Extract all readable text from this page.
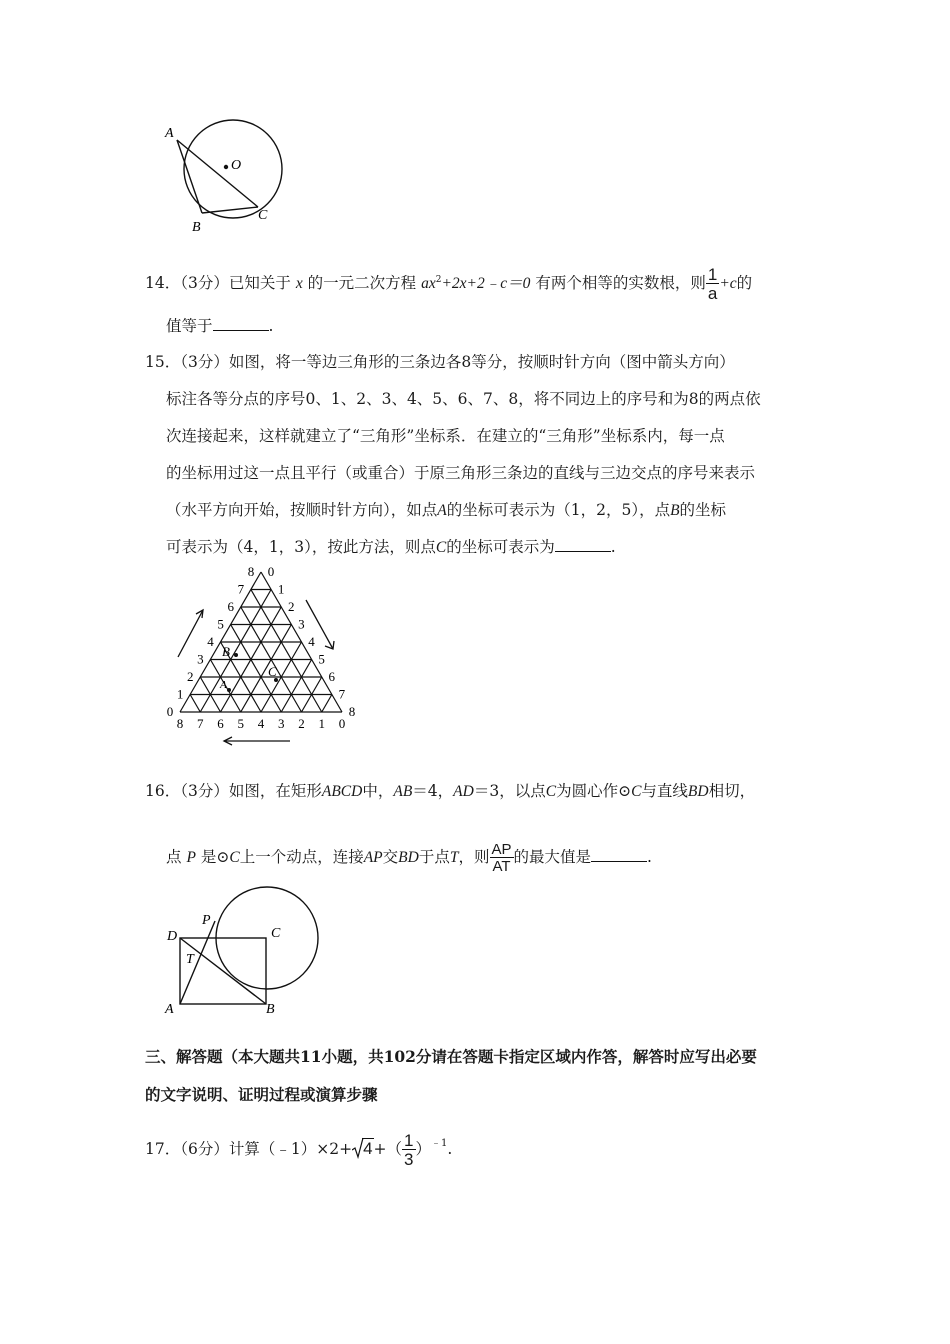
A
O
B
C
14．（3分）已知关于 x 的一元二次方程 $ax^2+2x+2﹣c=0$ 有两个相等的实数根，则 $\frac{1}{a} +c$的
值等于	.
15．（3分）如图，将一等边三角形的三条边各8等分，按顺时针方向（图中箭头方向）
标注各等分点的序号0、1、2、3、4、5、6、7、8，将不同边上的序号和为8的两点依
次连接起来，这样就建立了“三角形”坐标系．在建立的“三角形”坐标系内，每一点
的坐标用过这一点且平行（或重合）于原三角形三条边的直线与三边交点的序号来表示
（水平方向开始，按顺时针方向），如点A的坐标可表示为（1，2，5），点B的坐标
可表示为（4，1，3），按此方法，则点C的坐标可表示为	.
0
1
2
3
4
5
6
7
8 0
1
2
3
4
5
6
7
8
8 7 6 5 4 3 2 1 0
B
C
A
16．（3分）如图，在矩形ABCD中，AB＝4，AD＝3，以点C为圆心作⊙C与直线BD相切，
点 P 是⊙C上一个动点，连接AP交BD于点T，则 $\frac{AP}{AT}$ 的最大值是	.
D
P
C
T
A	B
三、解答题（本大题共11小题，共102分请在答题卡指定区域内作答，解答时应写出必要
的文字说明、证明过程或演算步骤
17．（6分）计算（﹣1）×2+ $4+( \frac{1}{3} )^{﹣1}$.
